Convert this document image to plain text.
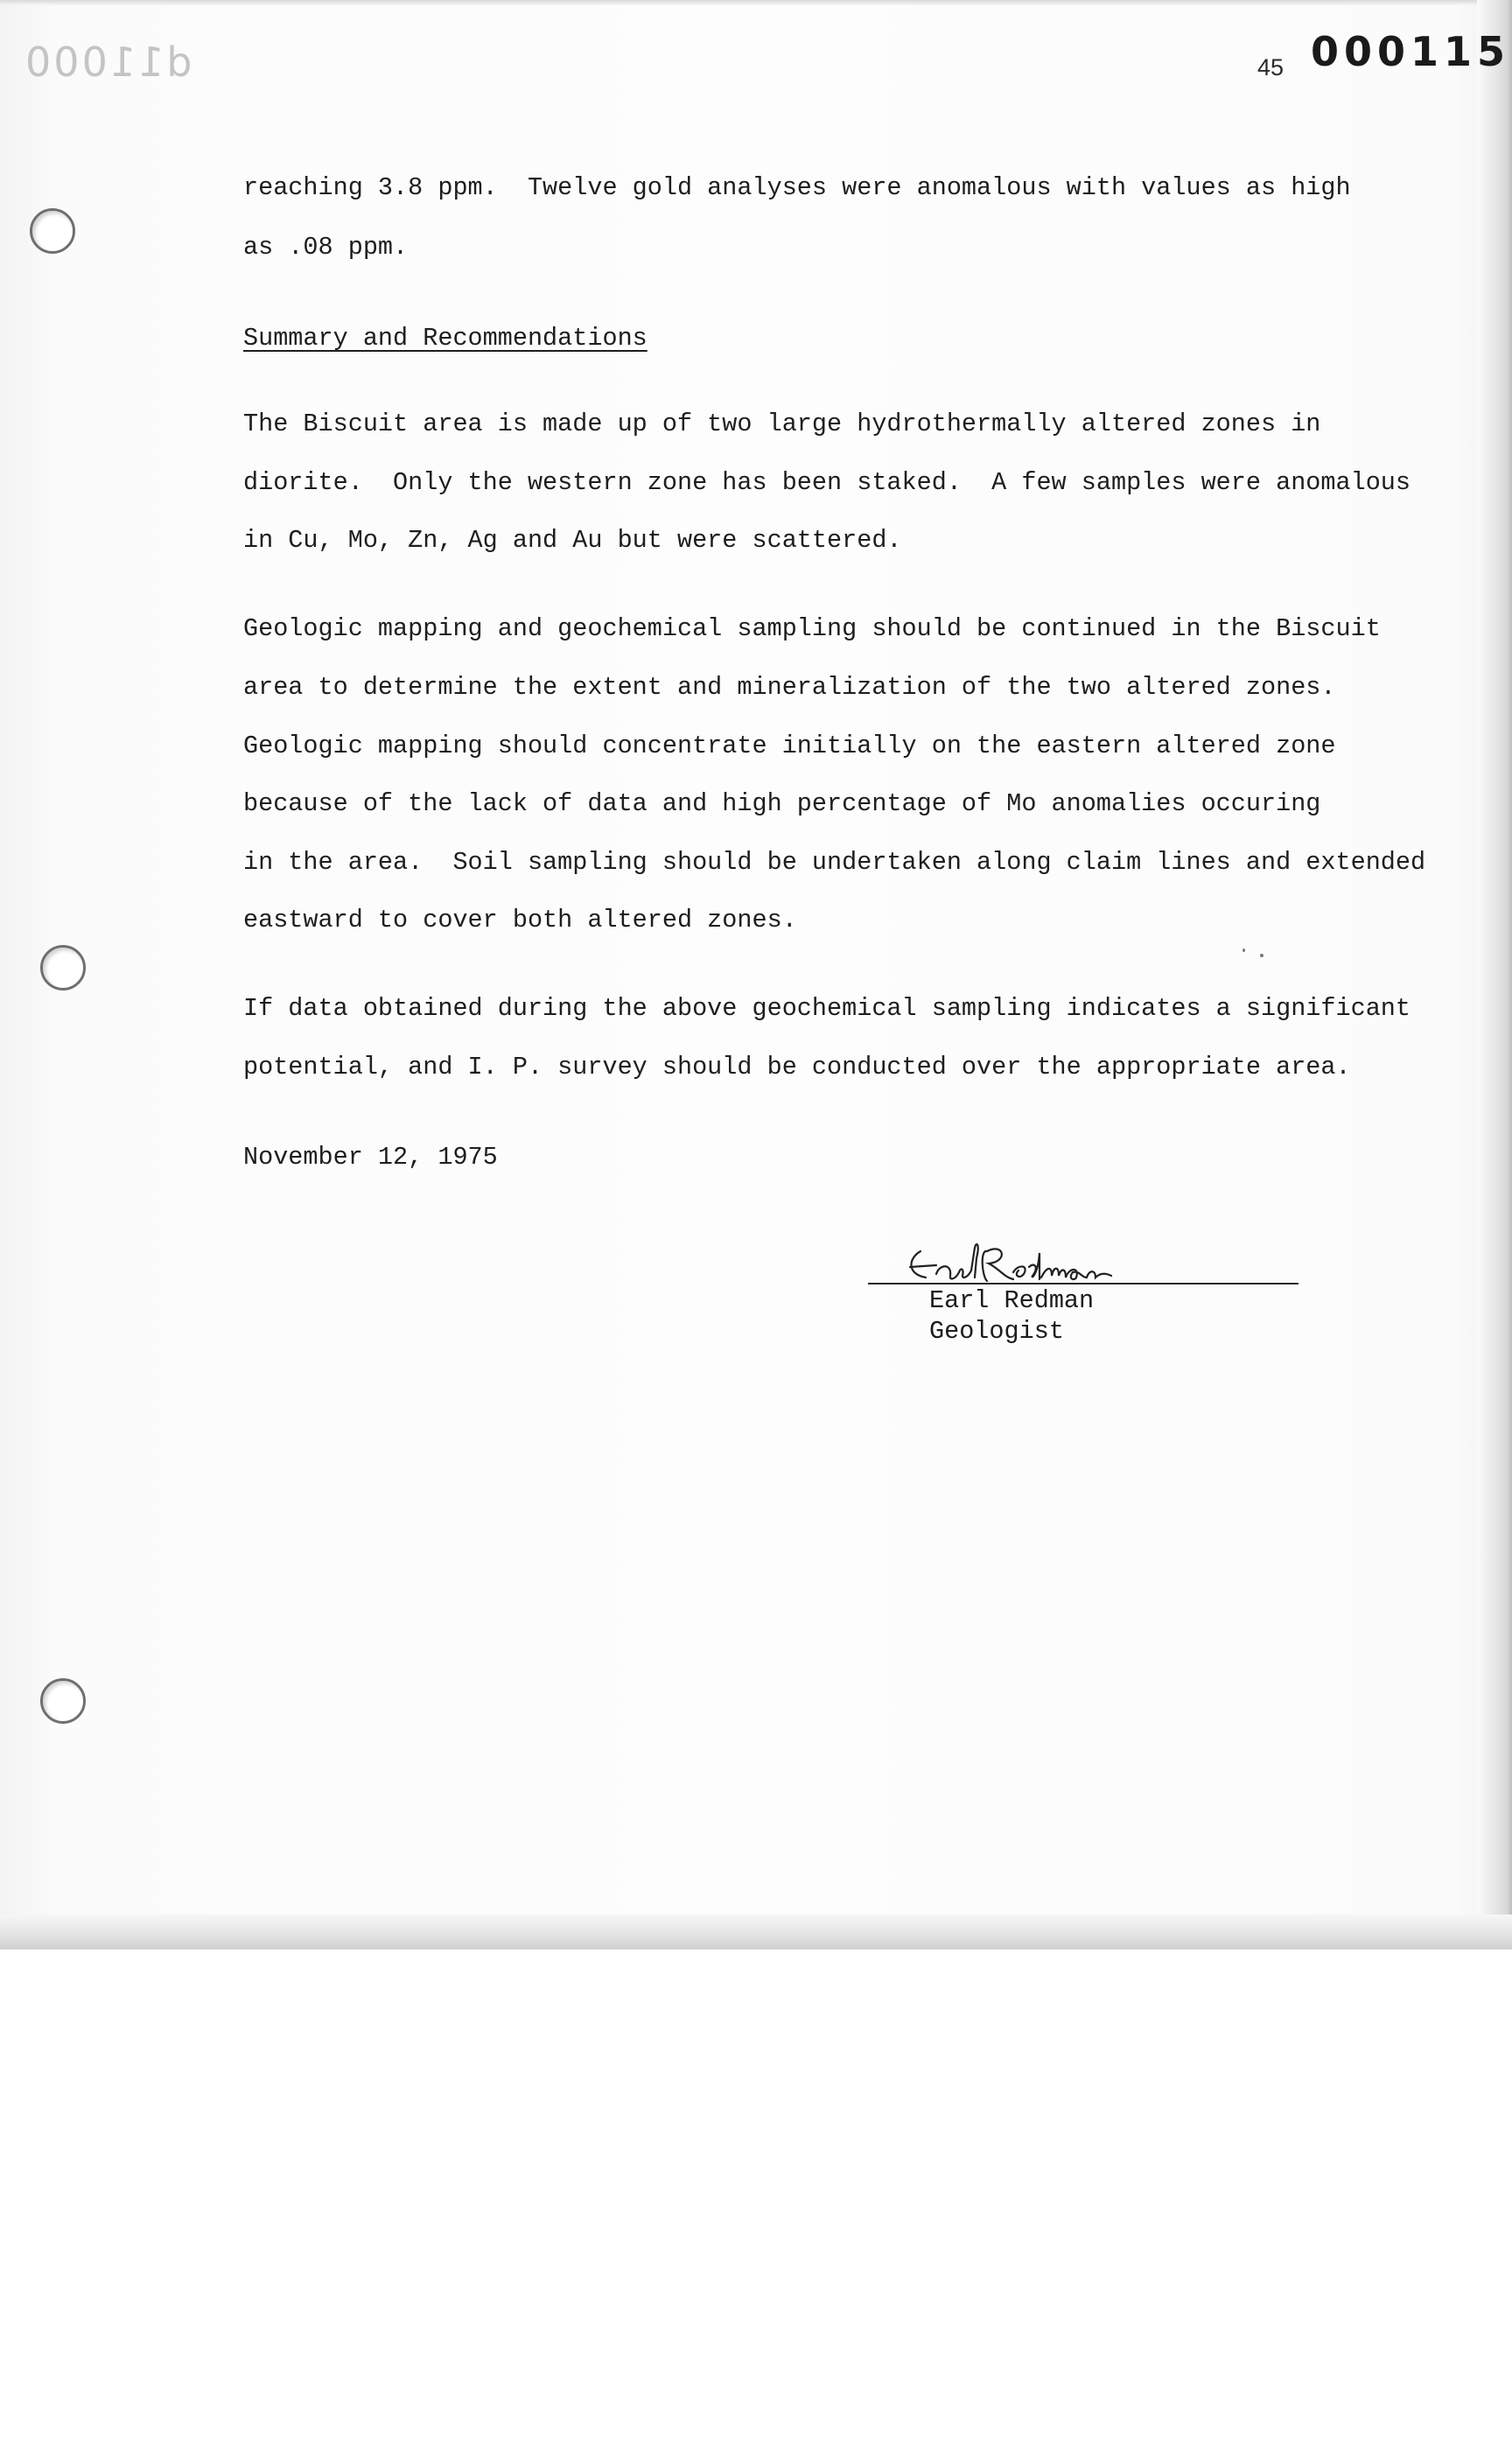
d11000	45 000115
reaching 3.8 ppm.  Twelve gold analyses were anomalous with values as high
as .08 ppm.
Summary and Recommendations
The Biscuit area is made up of two large hydrothermally altered zones in
diorite.  Only the western zone has been staked.  A few samples were anomalous
in Cu, Mo, Zn, Ag and Au but were scattered.
Geologic mapping and geochemical sampling should be continued in the Biscuit
area to determine the extent and mineralization of the two altered zones.
Geologic mapping should concentrate initially on the eastern altered zone
because of the lack of data and high percentage of Mo anomalies occuring
in the area.  Soil sampling should be undertaken along claim lines and extended
eastward to cover both altered zones.
If data obtained during the above geochemical sampling indicates a significant
potential, and I. P. survey should be conducted over the appropriate area.
November 12, 1975
Earl Redman
Geologist
